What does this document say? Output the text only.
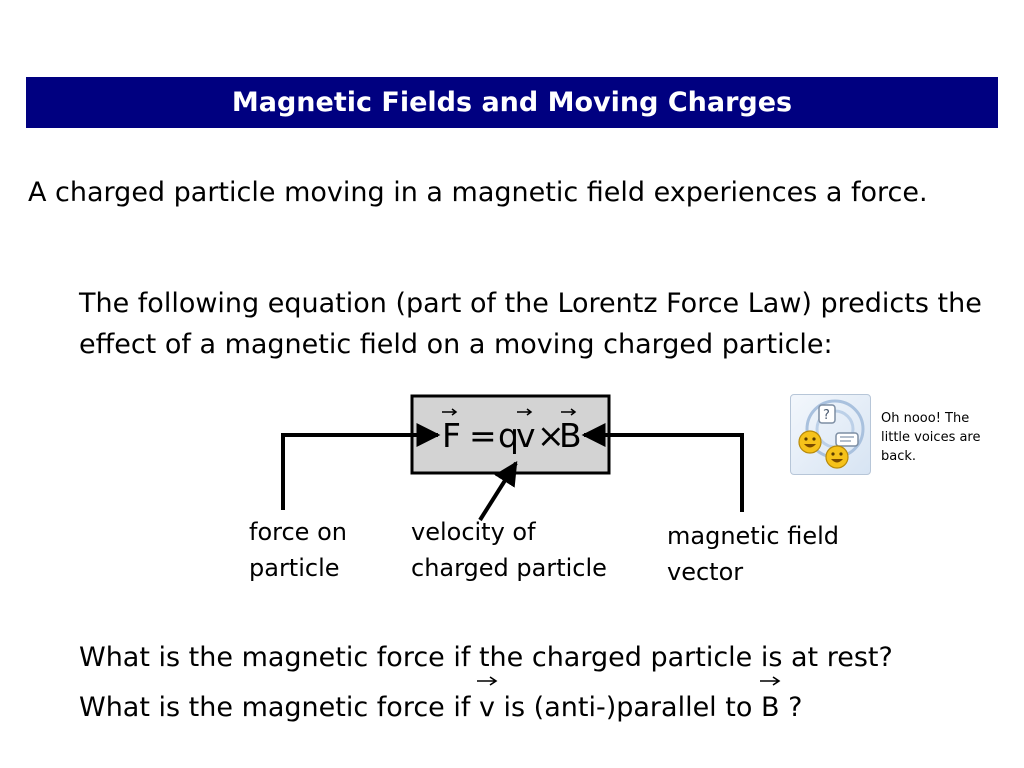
Magnetic Fields and Moving Charges
A charged particle moving in a magnetic field experiences a force.
The following equation (part of the Lorentz Force Law) predicts the effect of a magnetic field on a moving charged particle:
F = q v × B
force on
particle
velocity of
charged particle
magnetic field
vector
?	Oh nooo! The little voices are back.
What is the magnetic force if the charged particle is at rest?
What is the magnetic force if
v is (anti-)parallel to
B ?
